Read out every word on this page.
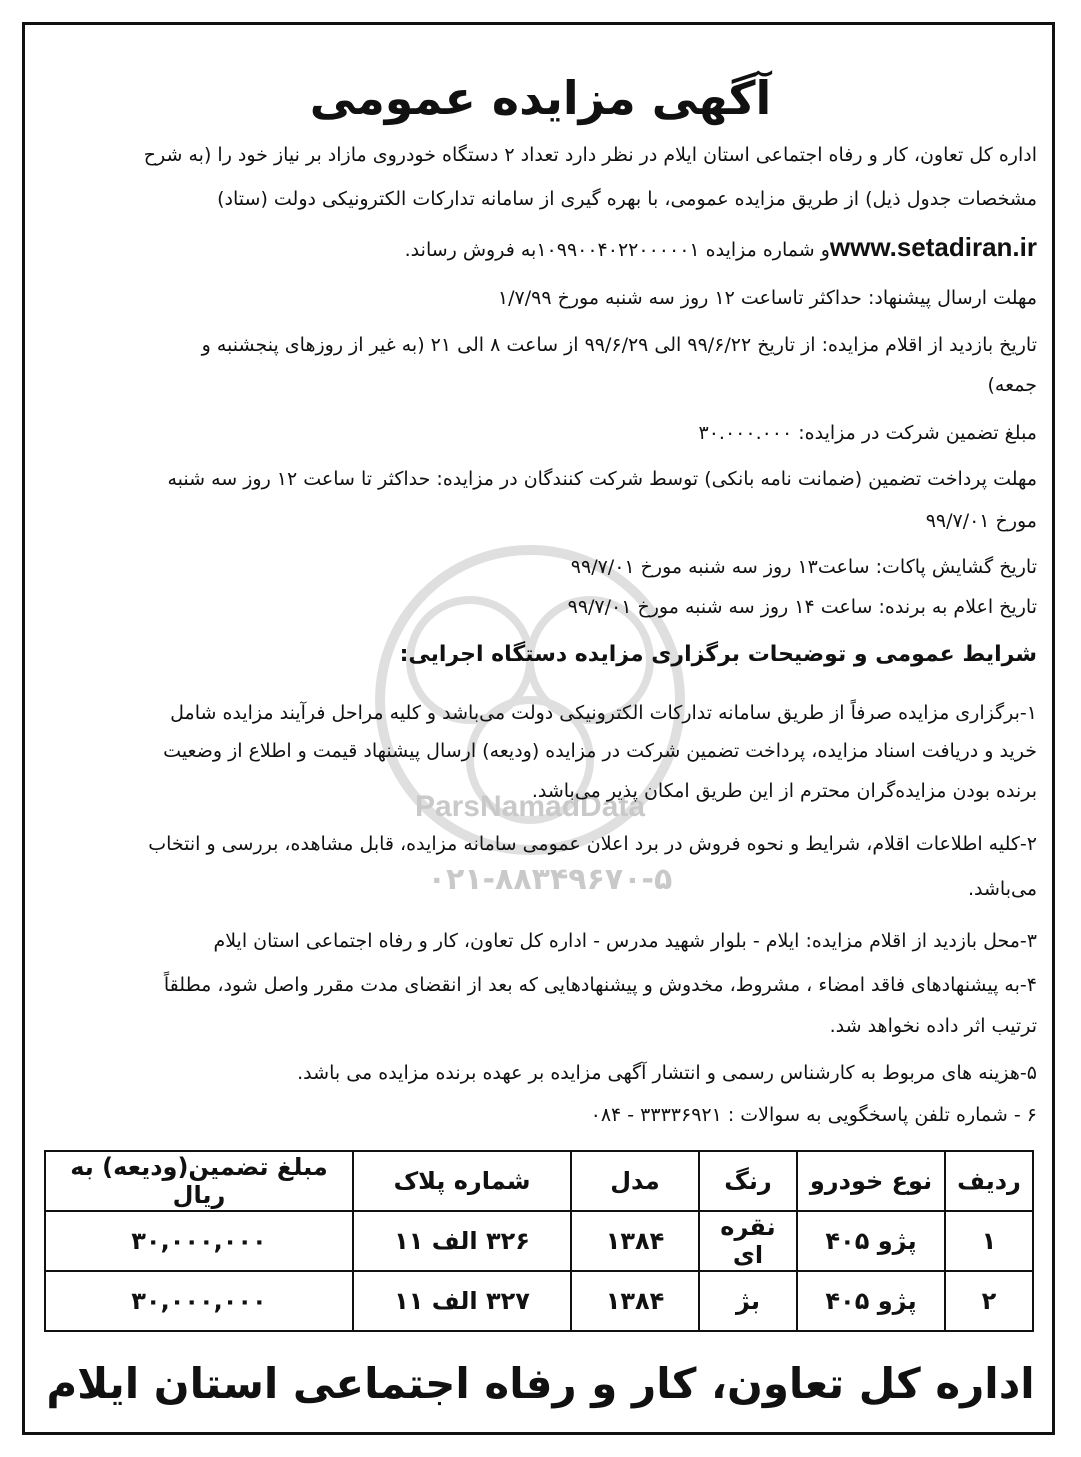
ParsNamadData
۰۲۱-۸۸۳۴۹۶۷۰-۵
آگهی مزایده عمومی
اداره کل تعاون، کار و رفاه اجتماعی استان ایلام در نظر دارد تعداد ۲ دستگاه خودروی مازاد بر نیاز خود را (به شرح
مشخصات جدول ذیل) از طریق مزایده عمومی، با بهره گیری از سامانه تدارکات الکترونیکی دولت (ستاد)
www.setadiran.irو شماره مزایده ۱۰۹۹۰۰۴۰۲۲۰۰۰۰۰۱به فروش رساند.
مهلت ارسال پیشنهاد: حداکثر تاساعت ۱۲ روز سه شنبه مورخ ۱/۷/۹۹
تاریخ بازدید از اقلام مزایده: از تاریخ ۹۹/۶/۲۲ الی ۹۹/۶/۲۹ از ساعت ۸ الی ۲۱ (به غیر از روزهای پنجشنبه و
جمعه)
مبلغ تضمین شرکت در مزایده: ۳۰.۰۰۰.۰۰۰
مهلت پرداخت تضمین (ضمانت نامه بانکی) توسط شرکت کنندگان در مزایده: حداکثر تا ساعت ۱۲ روز سه شنبه
مورخ ۹۹/۷/۰۱
تاریخ گشایش پاکات: ساعت۱۳ روز سه شنبه مورخ ۹۹/۷/۰۱
تاریخ اعلام به برنده: ساعت ۱۴ روز سه شنبه مورخ ۹۹/۷/۰۱
شرایط عمومی و توضیحات برگزاری مزایده دستگاه اجرایی:
۱-برگزاری مزایده صرفاً از طریق سامانه تدارکات الکترونیکی دولت می‌باشد و کلیه مراحل فرآیند مزایده شامل
خرید و دریافت اسناد مزایده، پرداخت تضمین شرکت در مزایده (ودیعه) ارسال پیشنهاد قیمت و اطلاع از وضعیت
برنده بودن مزایده‌گران محترم از این طریق امکان پذیر می‌باشد.
۲-کلیه اطلاعات اقلام، شرایط و نحوه فروش در برد اعلان عمومی سامانه مزایده، قابل مشاهده، بررسی و انتخاب
می‌باشد.
۳-محل بازدید از اقلام مزایده: ایلام - بلوار شهید مدرس - اداره کل تعاون، کار و رفاه اجتماعی استان ایلام
۴-به پیشنهادهای فاقد امضاء ، مشروط، مخدوش و پیشنهادهایی که بعد از انقضای مدت مقرر واصل شود، مطلقاً
ترتیب اثر داده نخواهد شد.
۵-هزینه های مربوط به کارشناس رسمی و انتشار آگهی مزایده بر عهده برنده مزایده می باشد.
۶ - شماره تلفن پاسخگویی به سوالات : ۳۳۳۳۶۹۲۱ - ۰۸۴
ردیف	نوع خودرو	رنگ	مدل	شماره پلاک	مبلغ تضمین(ودیعه) به ریال
۱	پژو ۴۰۵	نقره ای	۱۳۸۴	۳۲۶ الف ۱۱	۳۰,۰۰۰,۰۰۰
۲	پژو ۴۰۵	بژ	۱۳۸۴	۳۲۷ الف ۱۱	۳۰,۰۰۰,۰۰۰
اداره کل تعاون، کار و رفاه اجتماعی استان ایلام
